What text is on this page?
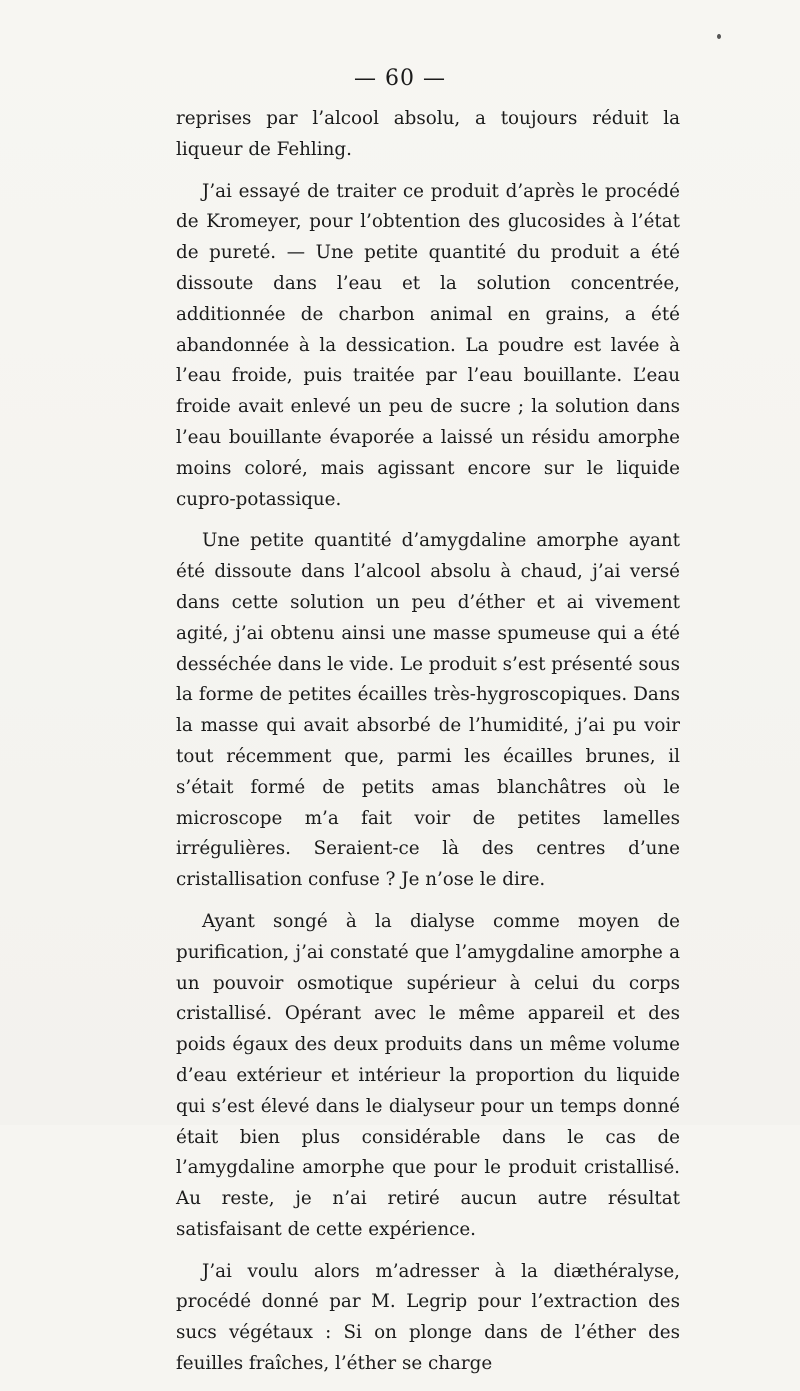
— 60 —

reprises par l’alcool absolu, a toujours réduit la liqueur de Fehling.

J’ai essayé de traiter ce produit d’après le procédé de Kromeyer, pour l’obtention des glucosides à l’état de pureté. — Une petite quantité du produit a été dissoute dans l’eau et la solution concentrée, additionnée de charbon animal en grains, a été abandonnée à la dessication. La poudre est lavée à l’eau froide, puis traitée par l’eau bouillante. L’eau froide avait enlevé un peu de sucre ; la solution dans l’eau bouillante évaporée a laissé un résidu amorphe moins coloré, mais agissant encore sur le liquide cupro-potassique.

Une petite quantité d’amygdaline amorphe ayant été dissoute dans l’alcool absolu à chaud, j’ai versé dans cette solution un peu d’éther et ai vivement agité, j’ai obtenu ainsi une masse spumeuse qui a été desséchée dans le vide. Le produit s’est présenté sous la forme de petites écailles très-hygroscopiques. Dans la masse qui avait absorbé de l’humidité, j’ai pu voir tout récemment que, parmi les écailles brunes, il s’était formé de petits amas blanchâtres où le microscope m’a fait voir de petites lamelles irrégulières. Seraient-ce là des centres d’une cristallisation confuse ? Je n’ose le dire.

Ayant songé à la dialyse comme moyen de purification, j’ai constaté que l’amygdaline amorphe a un pouvoir osmotique supérieur à celui du corps cristallisé. Opérant avec le même appareil et des poids égaux des deux produits dans un même volume d’eau extérieur et intérieur la proportion du liquide qui s’est élevé dans le dialyseur pour un temps donné était bien plus considérable dans le cas de l’amygdaline amorphe que pour le produit cristallisé. Au reste, je n’ai retiré aucun autre résultat satisfaisant de cette expérience.

J’ai voulu alors m’adresser à la diæthéralyse, procédé donné par M. Legrip pour l’extraction des sucs végétaux : Si on plonge dans de l’éther des feuilles fraîches, l’éther se charge
